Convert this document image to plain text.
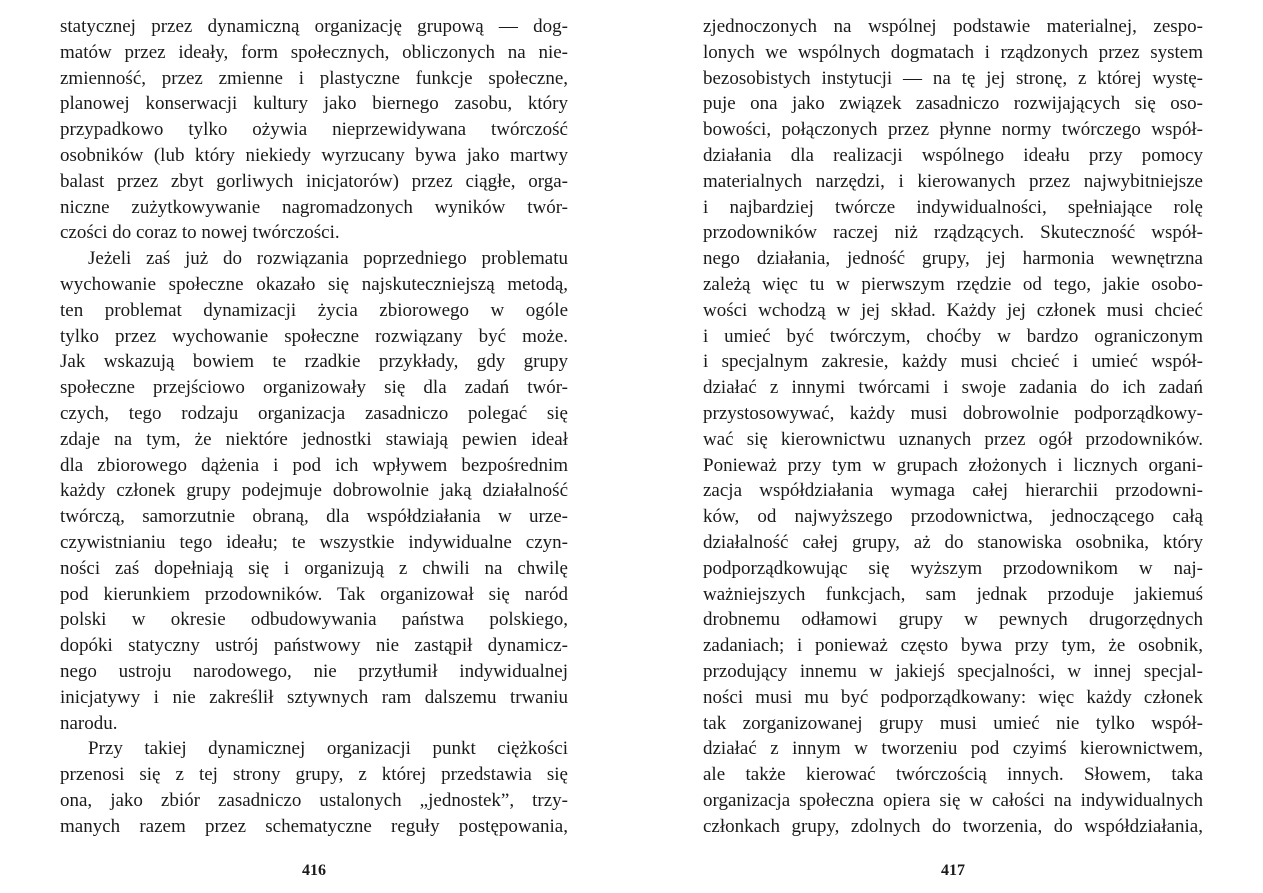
statycznej przez dynamiczną organizację grupową — dog-
matów przez ideały, form społecznych, obliczonych na nie-
zmienność, przez zmienne i plastyczne funkcje społeczne,
planowej konserwacji kultury jako biernego zasobu, który
przypadkowo tylko ożywia nieprzewidywana twórczość
osobników (lub który niekiedy wyrzucany bywa jako martwy
balast przez zbyt gorliwych inicjatorów) przez ciągłe, orga-
niczne zużytkowywanie nagromadzonych wyników twór-
czości do coraz to nowej twórczości.
Jeżeli zaś już do rozwiązania poprzedniego problematu
wychowanie społeczne okazało się najskuteczniejszą metodą,
ten problemat dynamizacji życia zbiorowego w ogóle
tylko przez wychowanie społeczne rozwiązany być może.
Jak wskazują bowiem te rzadkie przykłady, gdy grupy
społeczne przejściowo organizowały się dla zadań twór-
czych, tego rodzaju organizacja zasadniczo polegać się
zdaje na tym, że niektóre jednostki stawiają pewien ideał
dla zbiorowego dążenia i pod ich wpływem bezpośrednim
każdy członek grupy podejmuje dobrowolnie jaką działalność
twórczą, samorzutnie obraną, dla współdziałania w urze-
czywistnianiu tego ideału; te wszystkie indywidualne czyn-
ności zaś dopełniają się i organizują z chwili na chwilę
pod kierunkiem przodowników. Tak organizował się naród
polski w okresie odbudowywania państwa polskiego,
dopóki statyczny ustrój państwowy nie zastąpił dynamicz-
nego ustroju narodowego, nie przytłumił indywidualnej
inicjatywy i nie zakreślił sztywnych ram dalszemu trwaniu
narodu.
Przy takiej dynamicznej organizacji punkt ciężkości
przenosi się z tej strony grupy, z której przedstawia się
ona, jako zbiór zasadniczo ustalonych „jednostek”, trzy-
manych razem przez schematyczne reguły postępowania,
416
zjednoczonych na wspólnej podstawie materialnej, zespo-
lonych we wspólnych dogmatach i rządzonych przez system
bezosobistych instytucji — na tę jej stronę, z której wystę-
puje ona jako związek zasadniczo rozwijających się oso-
bowości, połączonych przez płynne normy twórczego współ-
działania dla realizacji wspólnego ideału przy pomocy
materialnych narzędzi, i kierowanych przez najwybitniejsze
i najbardziej twórcze indywidualności, spełniające rolę
przodowników raczej niż rządzących. Skuteczność współ-
nego działania, jedność grupy, jej harmonia wewnętrzna
zależą więc tu w pierwszym rzędzie od tego, jakie osobo-
wości wchodzą w jej skład. Każdy jej członek musi chcieć
i umieć być twórczym, choćby w bardzo ograniczonym
i specjalnym zakresie, każdy musi chcieć i umieć współ-
działać z innymi twórcami i swoje zadania do ich zadań
przystosowywać, każdy musi dobrowolnie podporządkowy-
wać się kierownictwu uznanych przez ogół przodowników.
Ponieważ przy tym w grupach złożonych i licznych organi-
zacja współdziałania wymaga całej hierarchii przodowni-
ków, od najwyższego przodownictwa, jednoczącego całą
działalność całej grupy, aż do stanowiska osobnika, który
podporządkowując się wyższym przodownikom w naj-
ważniejszych funkcjach, sam jednak przoduje jakiemuś
drobnemu odłamowi grupy w pewnych drugorzędnych
zadaniach; i ponieważ często bywa przy tym, że osobnik,
przodujący innemu w jakiejś specjalności, w innej specjal-
ności musi mu być podporządkowany: więc każdy członek
tak zorganizowanej grupy musi umieć nie tylko współ-
działać z innym w tworzeniu pod czyimś kierownictwem,
ale także kierować twórczością innych. Słowem, taka
organizacja społeczna opiera się w całości na indywidualnych
członkach grupy, zdolnych do tworzenia, do współdziałania,
417
